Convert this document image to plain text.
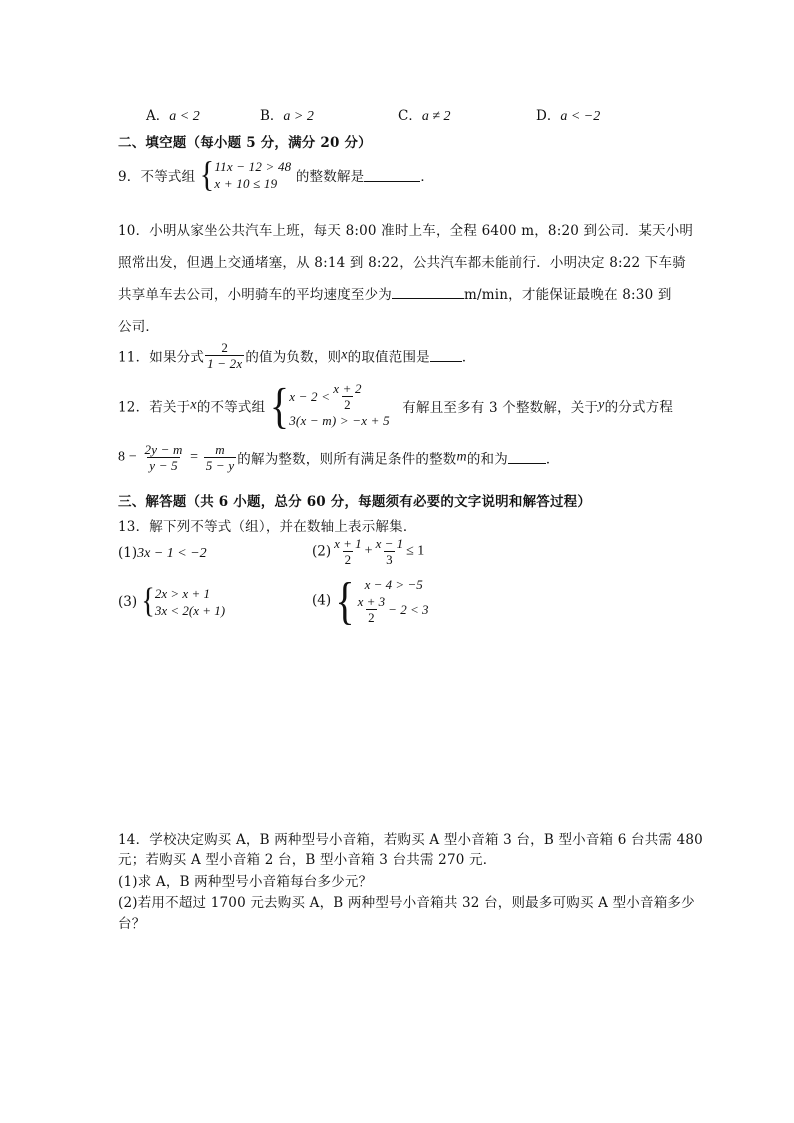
A．a < 2	B．a > 2	C．a ≠ 2	D．a < −2
二、填空题（每小题 5 分，满分 20 分）
9．不等式组 { 11x − 12 > 48
x + 10 ≤ 19	的整数解是	．
10．小明从家坐公共汽车上班，每天 8:00 准时上车，全程 6400 m，8:20 到公司．某天小明
照常出发，但遇上交通堵塞，从 8:14 到 8:22，公共汽车都未能前行．小明决定 8:22 下车骑
共享单车去公司，小明骑车的平均速度至少为	m/min，才能保证最晚在 8:30 到
公司．
11．如果分式 $\frac{2}{1 - 2x}$ 的值为负数，则x的取值范围是 ．
12．若关于x的不等式组 { $x - 2 < \frac{x + 2}{2}$
3(x − m) > −x + 5
有解且至多有 3 个整数解，关于y的分式方程
$8 - \frac{2y - m}{y - 5} = \frac{m}{5 - y}$ 的解为整数，则所有满足条件的整数m的和为	．
三、解答题（共 6 小题，总分 60 分，每题须有必要的文字说明和解答过程）
13．解下列不等式（组），并在数轴上表示解集．
(1)3x − 1 < −2	$(2) \frac{x + 1}{2} + \frac{x - 1}{3} \le 1$
(3) { 2x > x + 1
3x < 2(x + 1)
(4) { x − 4 > −5
$\frac{x + 3}{2} - 2 < 3$
14．学校决定购买 A，B 两种型号小音箱，若购买 A 型小音箱 3 台，B 型小音箱 6 台共需 480
元；若购买 A 型小音箱 2 台，B 型小音箱 3 台共需 270 元．
(1)求 A，B 两种型号小音箱每台多少元？
(2)若用不超过 1700 元去购买 A，B 两种型号小音箱共 32 台，则最多可购买 A 型小音箱多少
台？
